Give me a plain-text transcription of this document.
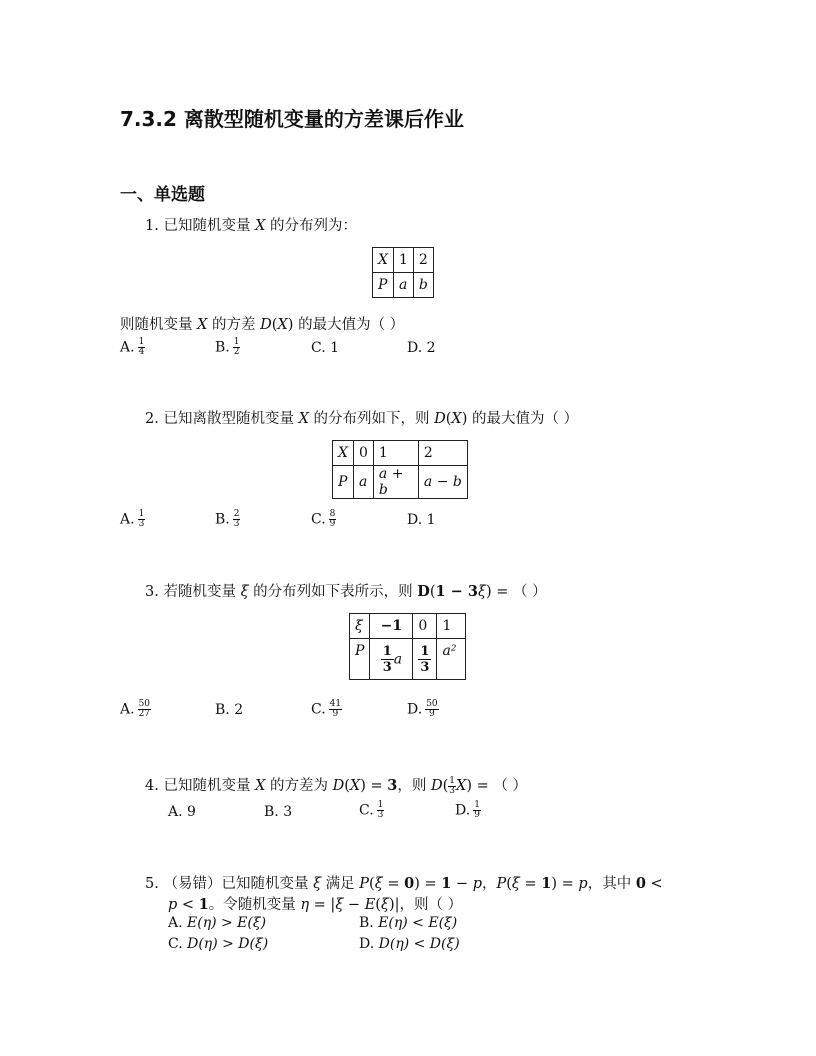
7.3.2 离散型随机变量的方差课后作业
一、单选题
1. 已知随机变量 X 的分布列为：
X	1	2
P	a	b
则随机变量 X 的方差 D(X) 的最大值为（ ）
A. $\frac{1}{4}$	B. $\frac{1}{2}$	C. 1	D. 2
2. 已知离散型随机变量 X 的分布列如下，则 D(X) 的最大值为（ ）
X	0	1	2
P	a	a + b	a − b
A. $\frac{1}{3}$	B. $\frac{2}{3}$	C. $\frac{8}{9}$	D. 1
3. 若随机变量 ξ 的分布列如下表所示，则 D(1 − 3ξ) = （ ）
ξ	−1	0	1
P	$\frac{1}{3}$ a	$\frac{1}{3}$	a²
A. $\frac{50}{27}$	B. 2	C. $\frac{41}{9}$	D. $\frac{50}{9}$
4. 已知随机变量 X 的方差为 D(X) = 3，则 $D( \frac{1}{3} X)$ = （ ）
A. 9	B. 3	C. $\frac{1}{3}$	D. $\frac{1}{9}$
5. （易错）已知随机变量 ξ 满足 P(ξ = 0) = 1 − p，P(ξ = 1) = p，其中 0 <
p < 1。令随机变量 η = |ξ − E(ξ)|，则（ ）
A. E(η) > E(ξ)	B. E(η) < E(ξ)
C. D(η) > D(ξ)	D. D(η) < D(ξ)
